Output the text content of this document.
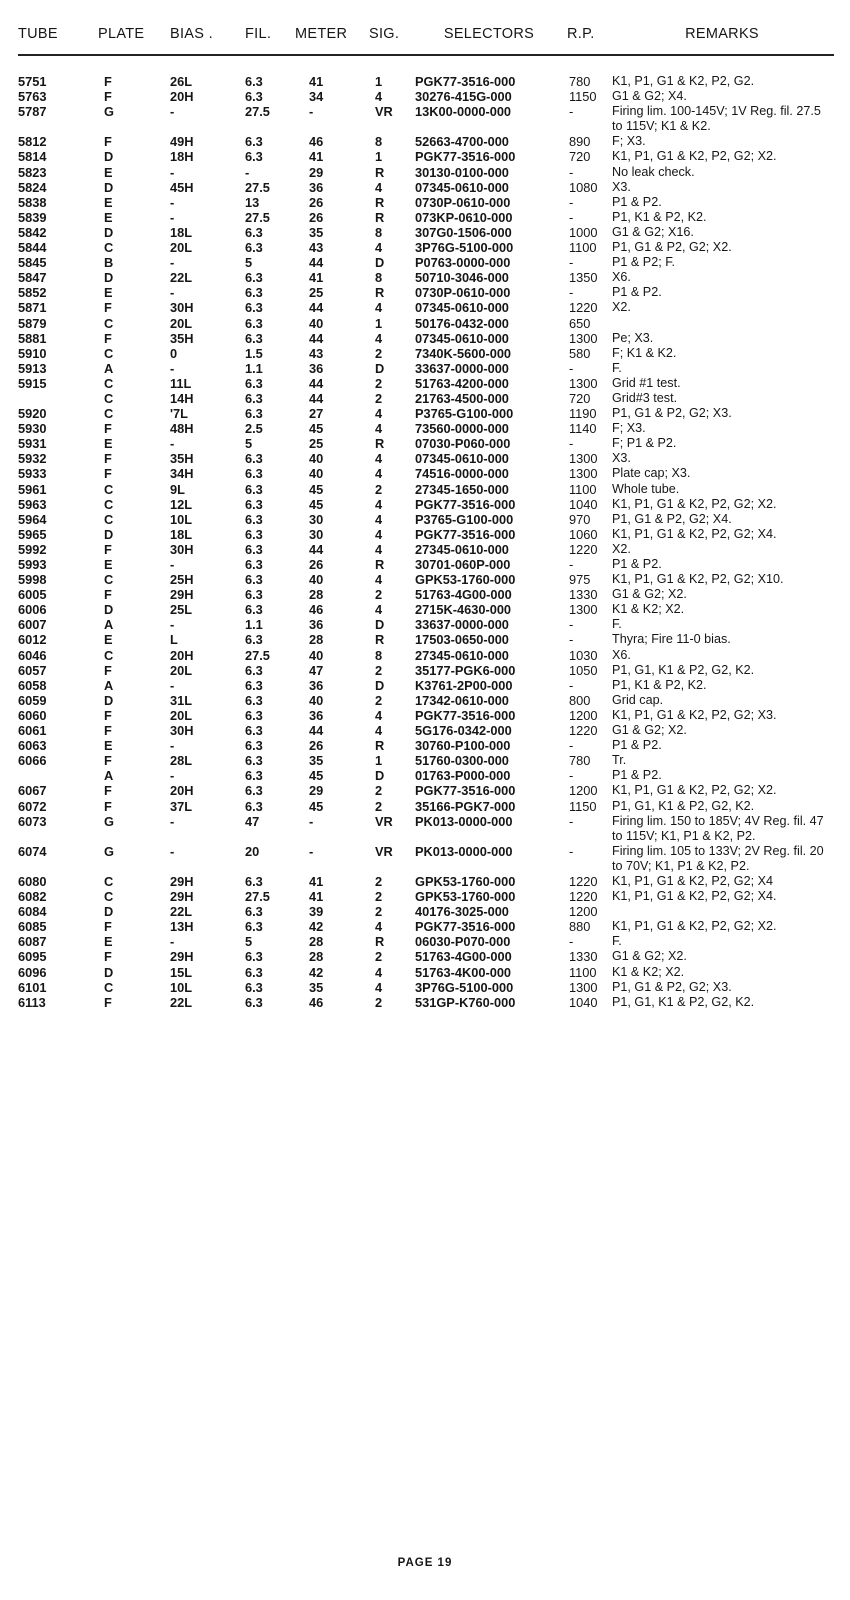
TUBE	PLATE	BIAS .	FIL.	METER	SIG.	SELECTORS	R.P.	REMARKS
5751	F	26L	6.3	41	1	PGK77-3516-000	780	K1, P1, G1 & K2, P2, G2.
5763	F	20H	6.3	34	4	30276-415G-000	1150	G1 & G2; X4.
5787	G	-	27.5	-	VR	13K00-0000-000	-	Firing lim. 100-145V; 1V Reg. fil. 27.5 to 115V; K1 & K2.
5812	F	49H	6.3	46	8	52663-4700-000	890	F; X3.
5814	D	18H	6.3	41	1	PGK77-3516-000	720	K1, P1, G1 & K2, P2, G2; X2.
5823	E	-	-	29	R	30130-0100-000	-	No leak check.
5824	D	45H	27.5	36	4	07345-0610-000	1080	X3.
5838	E	-	13	26	R	0730P-0610-000	-	P1 & P2.
5839	E	-	27.5	26	R	073KP-0610-000	-	P1, K1 & P2, K2.
5842	D	18L	6.3	35	8	307G0-1506-000	1000	G1 & G2; X16.
5844	C	20L	6.3	43	4	3P76G-5100-000	1100	P1, G1 & P2, G2; X2.
5845	B	-	5	44	D	P0763-0000-000	-	P1 & P2; F.
5847	D	22L	6.3	41	8	50710-3046-000	1350	X6.
5852	E	-	6.3	25	R	0730P-0610-000	-	P1 & P2.
5871	F	30H	6.3	44	4	07345-0610-000	1220	X2.
5879	C	20L	6.3	40	1	50176-0432-000	650	
5881	F	35H	6.3	44	4	07345-0610-000	1300	Pe; X3.
5910	C	0	1.5	43	2	7340K-5600-000	580	F; K1 & K2.
5913	A	-	1.1	36	D	33637-0000-000	-	F.
5915	C	11L	6.3	44	2	51763-4200-000	1300	Grid #1 test.
	C	14H	6.3	44	2	21763-4500-000	720	Grid#3 test.
5920	C	'7L	6.3	27	4	P3765-G100-000	1190	P1, G1 & P2, G2; X3.
5930	F	48H	2.5	45	4	73560-0000-000	1140	F; X3.
5931	E	-	5	25	R	07030-P060-000	-	F; P1 & P2.
5932	F	35H	6.3	40	4	07345-0610-000	1300	X3.
5933	F	34H	6.3	40	4	74516-0000-000	1300	Plate cap; X3.
5961	C	9L	6.3	45	2	27345-1650-000	1100	Whole tube.
5963	C	12L	6.3	45	4	PGK77-3516-000	1040	K1, P1, G1 & K2, P2, G2; X2.
5964	C	10L	6.3	30	4	P3765-G100-000	970	P1, G1 & P2, G2; X4.
5965	D	18L	6.3	30	4	PGK77-3516-000	1060	K1, P1, G1 & K2, P2, G2; X4.
5992	F	30H	6.3	44	4	27345-0610-000	1220	X2.
5993	E	-	6.3	26	R	30701-060P-000	-	P1 & P2.
5998	C	25H	6.3	40	4	GPK53-1760-000	975	K1, P1, G1 & K2, P2, G2; X10.
6005	F	29H	6.3	28	2	51763-4G00-000	1330	G1 & G2; X2.
6006	D	25L	6.3	46	4	2715K-4630-000	1300	K1 & K2; X2.
6007	A	-	1.1	36	D	33637-0000-000	-	F.
6012	E	L	6.3	28	R	17503-0650-000	-	Thyra; Fire 11-0 bias.
6046	C	20H	27.5	40	8	27345-0610-000	1030	X6.
6057	F	20L	6.3	47	2	35177-PGK6-000	1050	P1, G1, K1 & P2, G2, K2.
6058	A	-	6.3	36	D	K3761-2P00-000	-	P1, K1 & P2, K2.
6059	D	31L	6.3	40	2	17342-0610-000	800	Grid cap.
6060	F	20L	6.3	36	4	PGK77-3516-000	1200	K1, P1, G1 & K2, P2, G2; X3.
6061	F	30H	6.3	44	4	5G176-0342-000	1220	G1 & G2; X2.
6063	E	-	6.3	26	R	30760-P100-000	-	P1 & P2.
6066	F	28L	6.3	35	1	51760-0300-000	780	Tr.
	A	-	6.3	45	D	01763-P000-000	-	P1 & P2.
6067	F	20H	6.3	29	2	PGK77-3516-000	1200	K1, P1, G1 & K2, P2, G2; X2.
6072	F	37L	6.3	45	2	35166-PGK7-000	1150	P1, G1, K1 & P2, G2, K2.
6073	G	-	47	-	VR	PK013-0000-000	-	Firing lim. 150 to 185V; 4V Reg. fil. 47 to 115V; K1, P1 & K2, P2.
6074	G	-	20	-	VR	PK013-0000-000	-	Firing lim. 105 to 133V; 2V Reg. fil. 20 to 70V; K1, P1 & K2, P2.
6080	C	29H	6.3	41	2	GPK53-1760-000	1220	K1, P1, G1 & K2, P2, G2; X4
6082	C	29H	27.5	41	2	GPK53-1760-000	1220	K1, P1, G1 & K2, P2, G2; X4.
6084	D	22L	6.3	39	2	40176-3025-000	1200	
6085	F	13H	6.3	42	4	PGK77-3516-000	880	K1, P1, G1 & K2, P2, G2; X2.
6087	E	-	5	28	R	06030-P070-000	-	F.
6095	F	29H	6.3	28	2	51763-4G00-000	1330	G1 & G2; X2.
6096	D	15L	6.3	42	4	51763-4K00-000	1100	K1 & K2; X2.
6101	C	10L	6.3	35	4	3P76G-5100-000	1300	P1, G1 & P2, G2; X3.
6113	F	22L	6.3	46	2	531GP-K760-000	1040	P1, G1, K1 & P2, G2, K2.
PAGE 19
